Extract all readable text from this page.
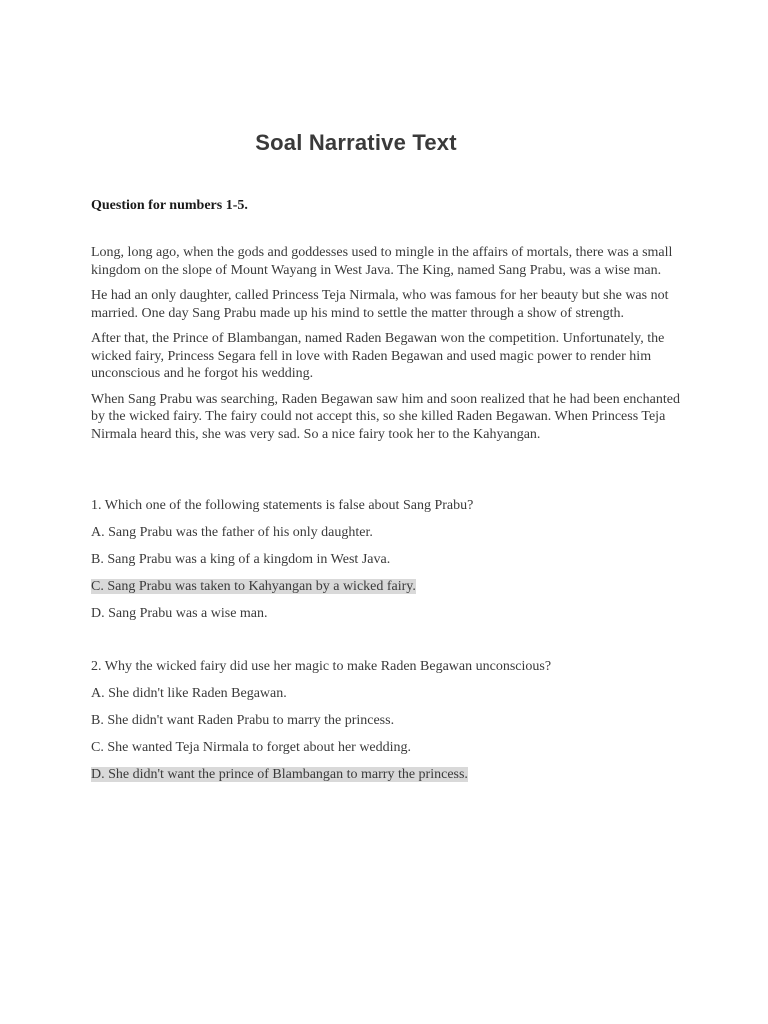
Soal Narrative Text
Question for numbers 1-5.

Long, long ago, when the gods and goddesses used to mingle in the affairs of mortals, there was a small kingdom on the slope of Mount Wayang in West Java. The King, named Sang Prabu, was a wise man.

He had an only daughter, called Princess Teja Nirmala, who was famous for her beauty but she was not married. One day Sang Prabu made up his mind to settle the matter through a show of strength.

After that, the Prince of Blambangan, named Raden Begawan won the competition. Unfortunately, the wicked fairy, Princess Segara fell in love with Raden Begawan and used magic power to render him unconscious and he forgot his wedding.

When Sang Prabu was searching, Raden Begawan saw him and soon realized that he had been enchanted by the wicked fairy. The fairy could not accept this, so she killed Raden Begawan. When Princess Teja Nirmala heard this, she was very sad. So a nice fairy took her to the Kahyangan.

1. Which one of the following statements is false about Sang Prabu?
A. Sang Prabu was the father of his only daughter.
B. Sang Prabu was a king of a kingdom in West Java.
C. Sang Prabu was taken to Kahyangan by a wicked fairy.
D. Sang Prabu was a wise man.
2. Why the wicked fairy did use her magic to make Raden Begawan unconscious?
A. She didn't like Raden Begawan.
B. She didn't want Raden Prabu to marry the princess.
C. She wanted Teja Nirmala to forget about her wedding.
D. She didn't want the prince of Blambangan to marry the princess.
